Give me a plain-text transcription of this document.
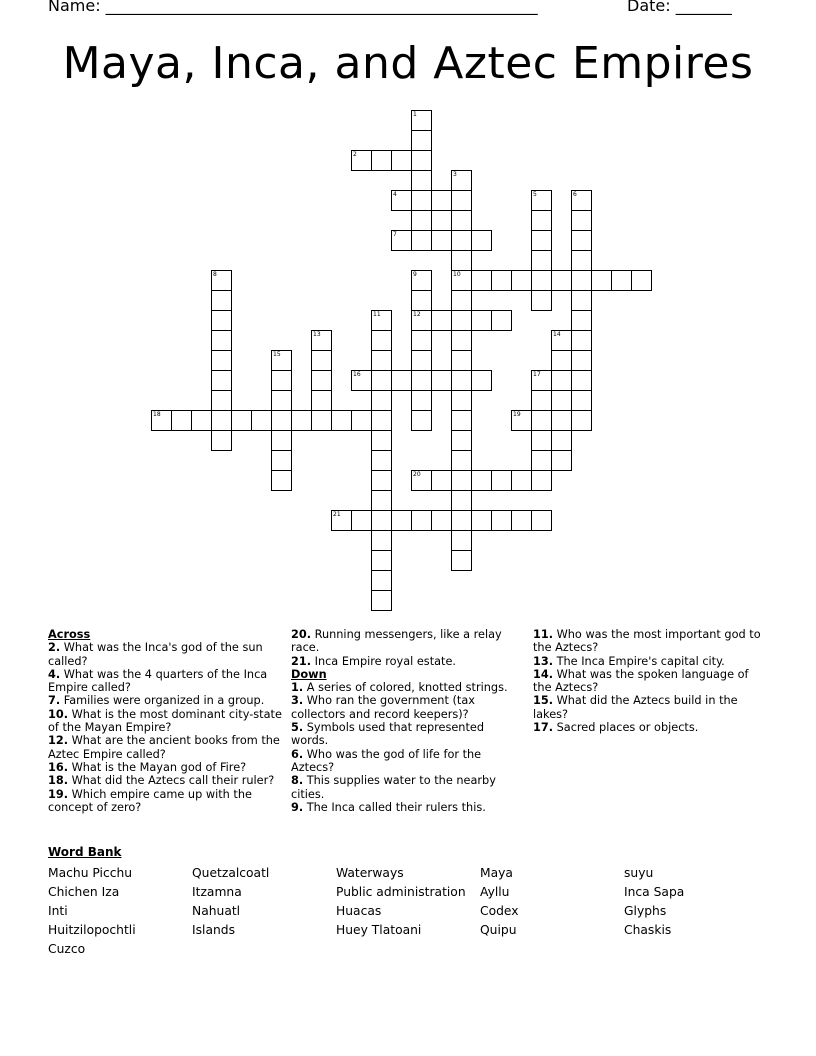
Name: ______________________________________________________	Date: _______
Maya, Inca, and Aztec Empires
1
2
3
10
4	5	6
7
8	9
12
11
13	14
15
16	17
18	19
20
21

Across

2. What was the Inca's god of the sun called?

4. What was the 4 quarters of the Inca Empire called?

7. Families were organized in a group.

10. What is the most dominant city-state of the Mayan Empire?

12. What are the ancient books from the Aztec Empire called?

16. What is the Mayan god of Fire?

18. What did the Aztecs call their ruler?

19. Which empire came up with the concept of zero?

20. Running messengers, like a relay race.

21. Inca Empire royal estate.

Down

1. A series of colored, knotted strings.

3. Who ran the government (tax collectors and record keepers)?

5. Symbols used that represented words.

6. Who was the god of life for the Aztecs?

8. This supplies water to the nearby cities.

9. The Inca called their rulers this.

11. Who was the most important god to the Aztecs?

13. The Inca Empire's capital city.

14. What was the spoken language of the Aztecs?

15. What did the Aztecs build in the lakes?

17. Sacred places or objects.

Word Bank
Machu Picchu
Chichen Iza
Inti
Huitzilopochtli
Cuzco
Quetzalcoatl
Itzamna
Nahuatl
Islands
Waterways
Public administration
Huacas
Huey Tlatoani
Maya
Ayllu
Codex
Quipu
suyu
Inca Sapa
Glyphs
Chaskis
